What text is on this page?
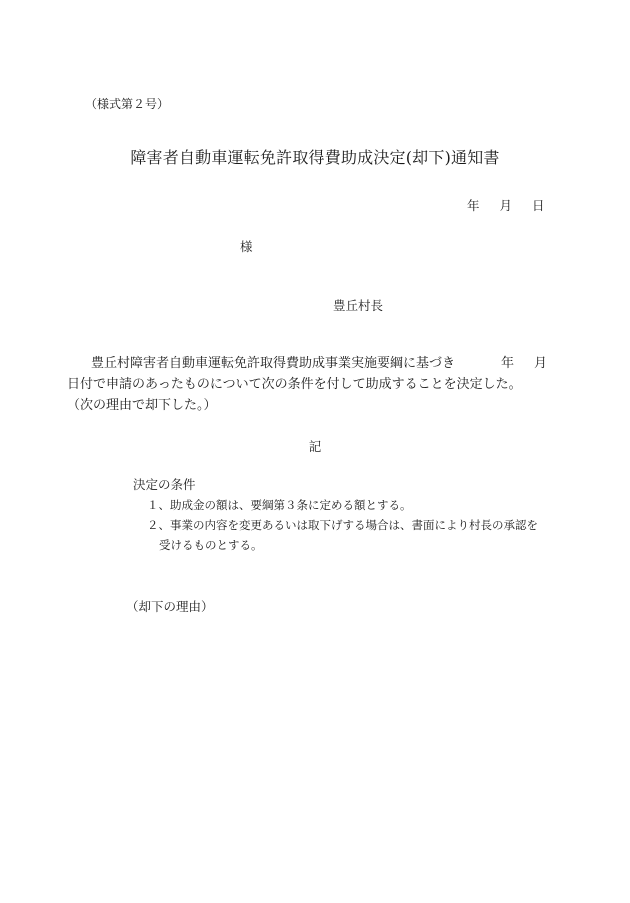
（様式第２号）
障害者自動車運転免許取得費助成決定(却下)通知書
年 月 日
様
豊丘村長
豊丘村障害者自動車運転免許取得費助成事業実施要綱に基づき	年 月
日付で申請のあったものについて次の条件を付して助成することを決定した。
（次の理由で却下した。）
記
決定の条件
１、助成金の額は、要綱第３条に定める額とする。
２、事業の内容を変更あるいは取下げする場合は、書面により村長の承認を
受けるものとする。
（却下の理由）
